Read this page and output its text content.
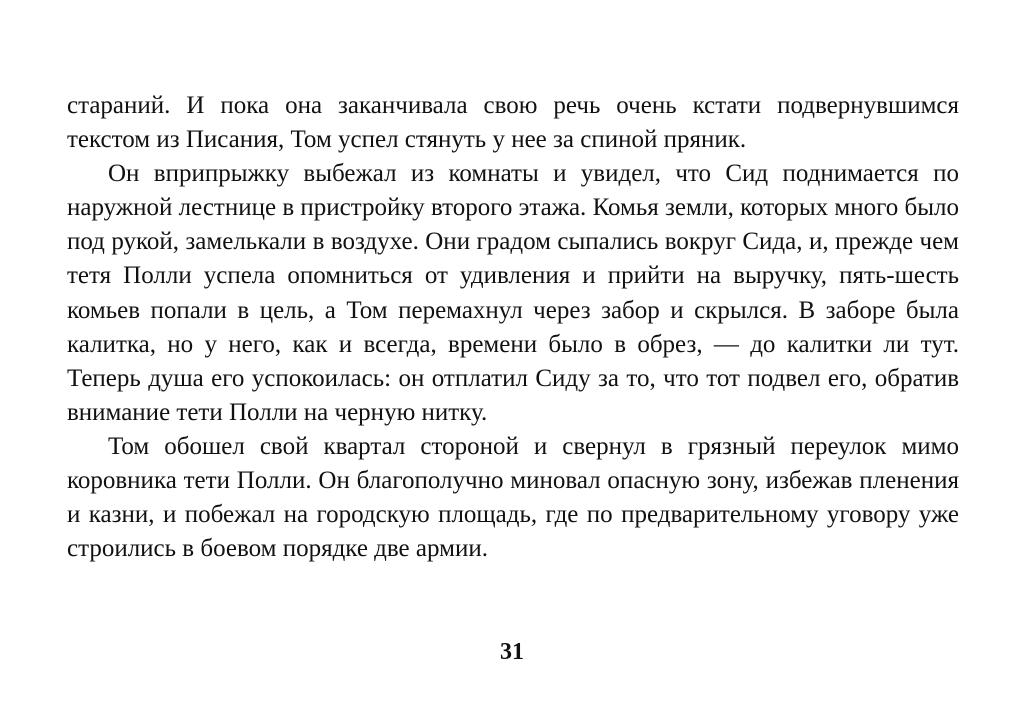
стараний. И пока она заканчивала свою речь очень кстати подвернувшимся текстом из Писания, Том успел стянуть у нее за спиной пряник.

Он вприпрыжку выбежал из комнаты и увидел, что Сид поднимается по наружной лестнице в пристройку второго этажа. Комья земли, которых много было под рукой, замелькали в воздухе. Они градом сыпались вокруг Сида, и, прежде чем тетя Полли успела опомниться от удивления и прийти на выручку, пять-шесть комьев попали в цель, а Том перемахнул через забор и скрылся. В заборе была калитка, но у него, как и всегда, времени было в обрез, — до калитки ли тут. Теперь душа его успокоилась: он отплатил Сиду за то, что тот подвел его, обратив внимание тети Полли на черную нитку.

Том обошел свой квартал стороной и свернул в грязный переулок мимо коровника тети Полли. Он благополучно миновал опасную зону, избежав пленения и казни, и побежал на городскую площадь, где по предварительному уговору уже строились в боевом порядке две армии.

31
